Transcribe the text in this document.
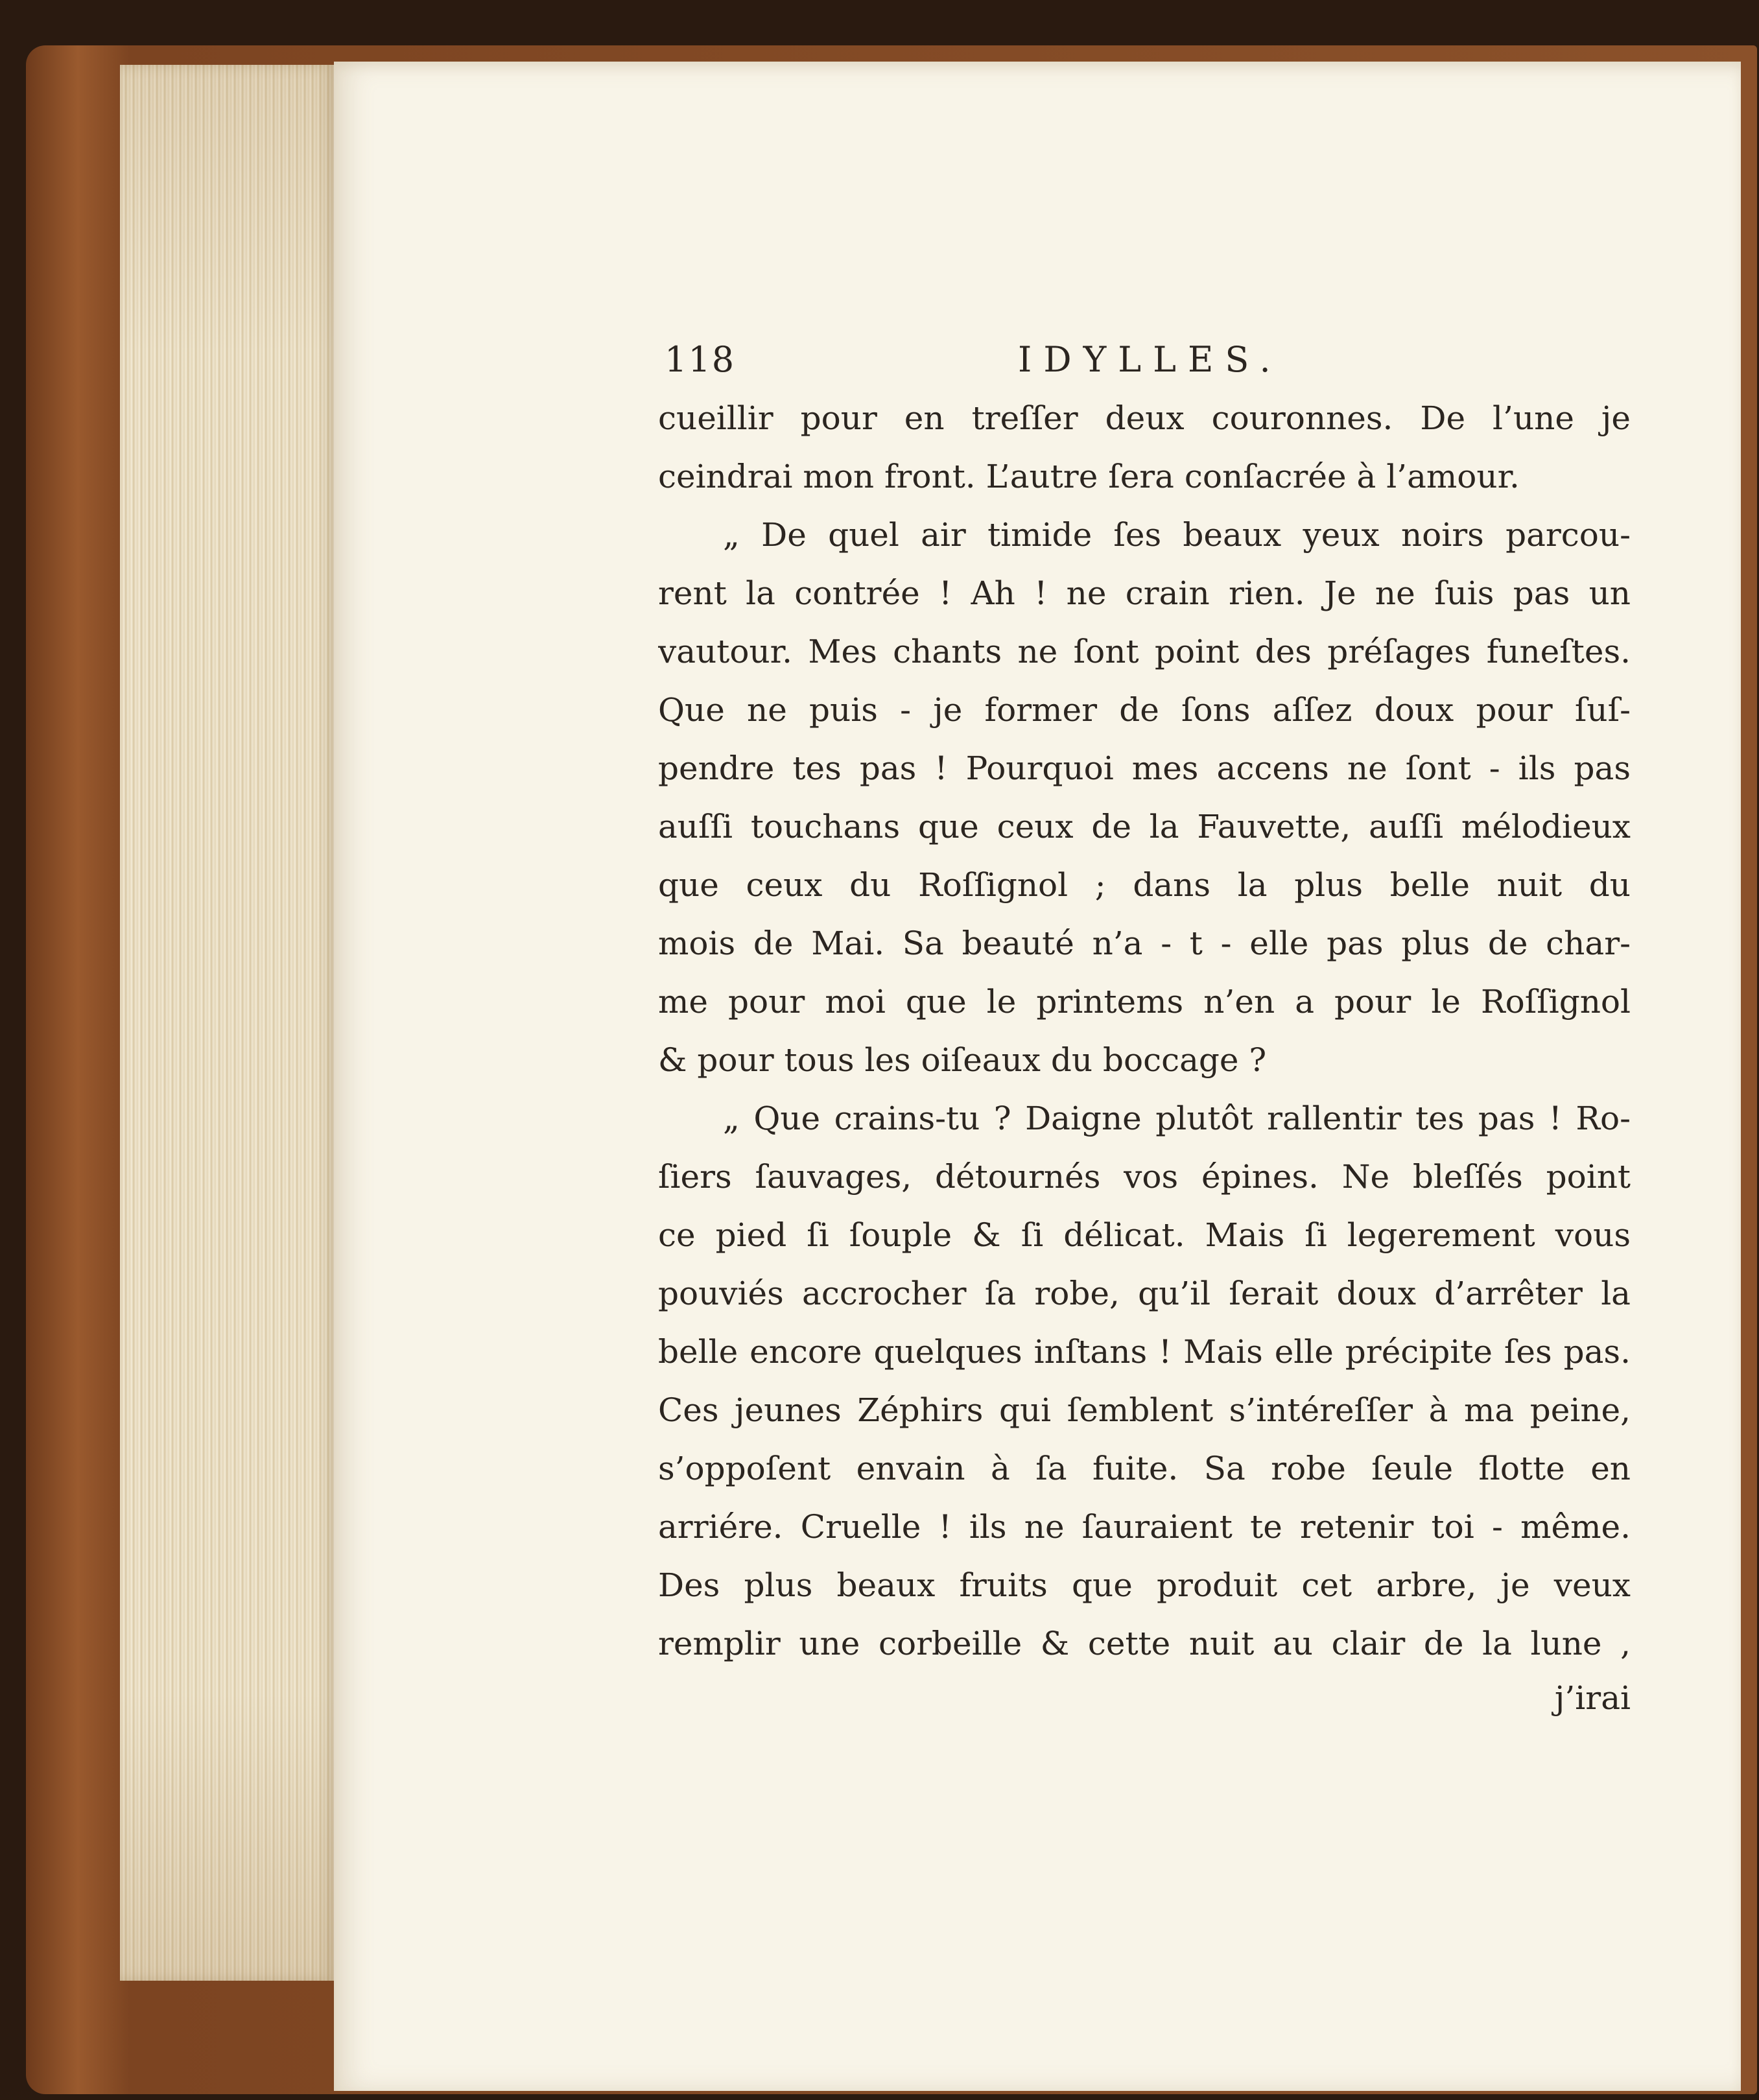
118	IDYLLES.
cueillir pour en treſſer deux couronnes. De l’une je
ceindrai mon front. L’autre ſera conſacrée à l’amour.
„ De quel air timide ſes beaux yeux noirs parcou-
rent la contrée ! Ah ! ne crain rien. Je ne ſuis pas un
vautour. Mes chants ne ſont point des préſages funeſtes.
Que ne puis - je former de ſons aſſez doux pour ſuſ-
pendre tes pas ! Pourquoi mes accens ne ſont - ils pas
auſſi touchans que ceux de la Fauvette, auſſi mélodieux
que ceux du Roſſignol ; dans la plus belle nuit du
mois de Mai. Sa beauté n’a - t - elle pas plus de char-
me pour moi que le printems n’en a pour le Roſſignol
& pour tous les oiſeaux du boccage ?
„ Que crains-tu ? Daigne plutôt rallentir tes pas ! Ro-
ſiers ſauvages, détournés vos épines. Ne bleſſés point
ce pied ſi ſouple & ſi délicat. Mais ſi legerement vous
pouviés accrocher ſa robe, qu’il ſerait doux d’arrêter la
belle encore quelques inſtans ! Mais elle précipite ſes pas.
Ces jeunes Zéphirs qui ſemblent s’intéreſſer à ma peine,
s’oppoſent envain à ſa fuite. Sa robe ſeule flotte en
arriére. Cruelle ! ils ne ſauraient te retenir toi - même.
Des plus beaux fruits que produit cet arbre, je veux
remplir une corbeille & cette nuit au clair de la lune ,
j’irai
